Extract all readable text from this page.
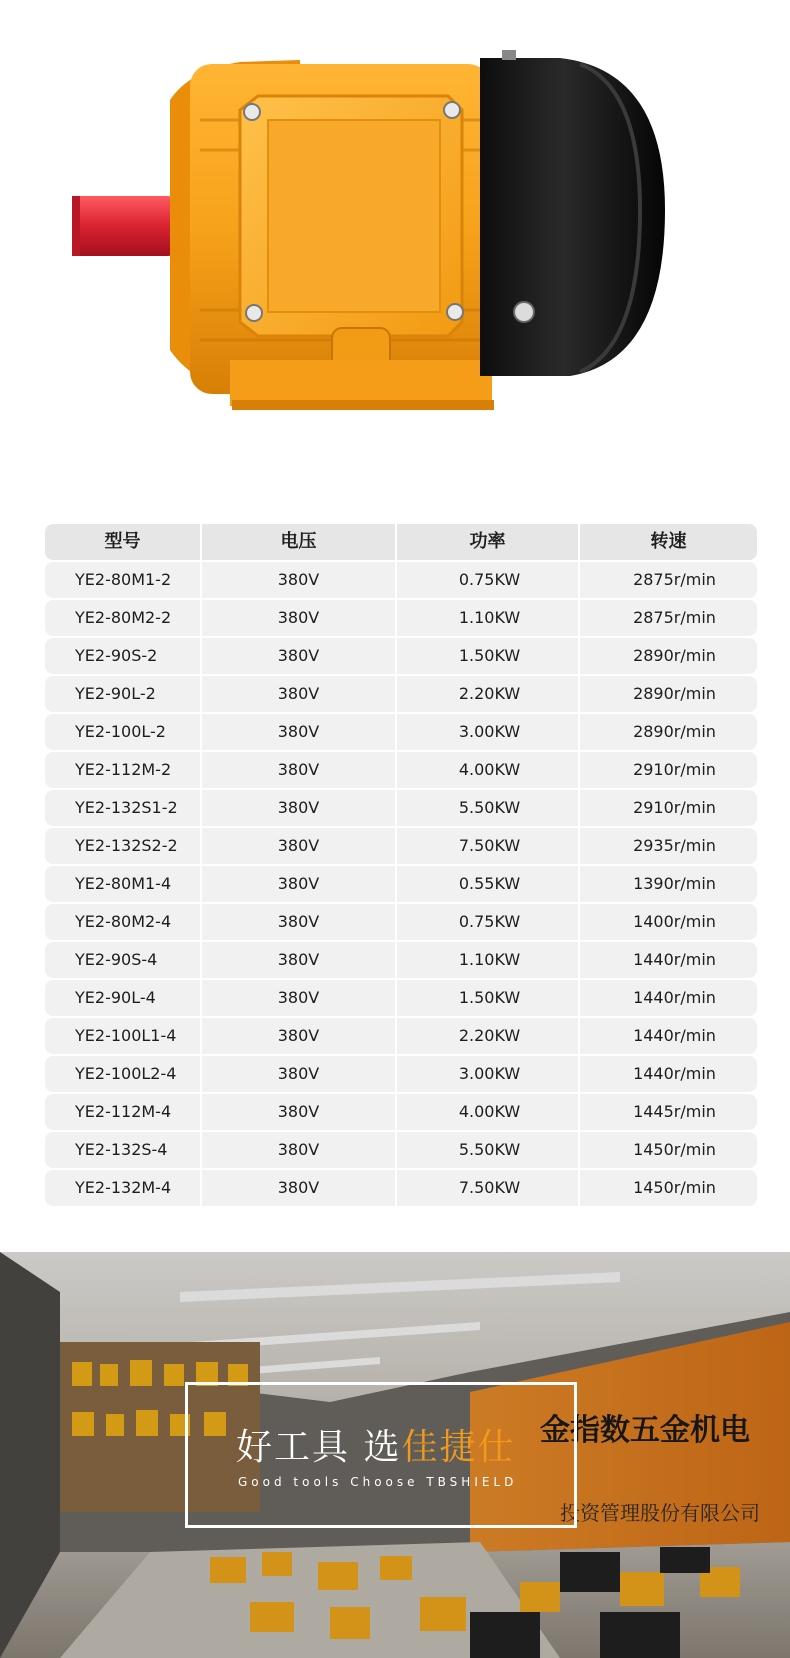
型号	电压	功率	转速
YE2-80M1-2	380V	0.75KW	2875r/min
YE2-80M2-2	380V	1.10KW	2875r/min
YE2-90S-2	380V	1.50KW	2890r/min
YE2-90L-2	380V	2.20KW	2890r/min
YE2-100L-2	380V	3.00KW	2890r/min
YE2-112M-2	380V	4.00KW	2910r/min
YE2-132S1-2	380V	5.50KW	2910r/min
YE2-132S2-2	380V	7.50KW	2935r/min
YE2-80M1-4	380V	0.55KW	1390r/min
YE2-80M2-4	380V	0.75KW	1400r/min
YE2-90S-4	380V	1.10KW	1440r/min
YE2-90L-4	380V	1.50KW	1440r/min
YE2-100L1-4	380V	2.20KW	1440r/min
YE2-100L2-4	380V	3.00KW	1440r/min
YE2-112M-4	380V	4.00KW	1445r/min
YE2-132S-4	380V	5.50KW	1450r/min
YE2-132M-4	380V	7.50KW	1450r/min
金指数五金机电
投资管理股份有限公司
好工具 选佳捷仕
Good tools Choose TBSHIELD
